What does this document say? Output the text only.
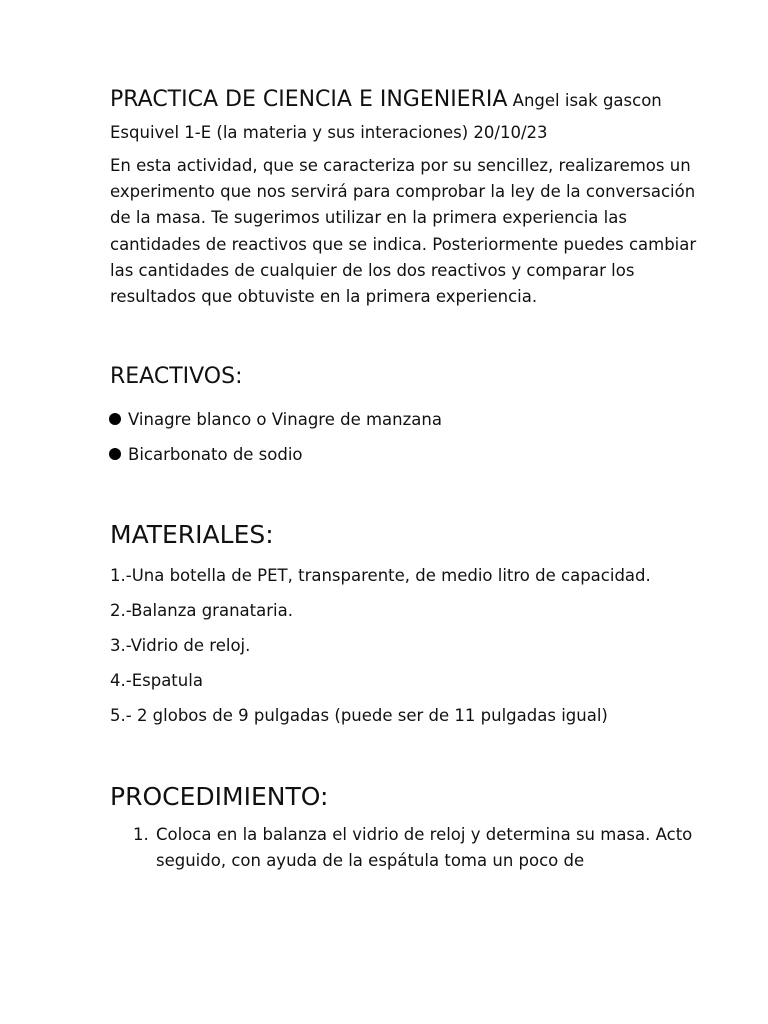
PRACTICA DE CIENCIA E INGENIERIA Angel isak gascon Esquivel 1-E (la materia y sus interaciones) 20/10/23

En esta actividad, que se caracteriza por su sencillez, realizaremos un experimento que nos servirá para comprobar la ley de la conversación de la masa. Te sugerimos utilizar en la primera experiencia las cantidades de reactivos que se indica. Posteriormente puedes cambiar las cantidades de cualquier de los dos reactivos y comparar los resultados que obtuviste en la primera experiencia.

REACTIVOS:
Vinagre blanco o Vinagre de manzana
Bicarbonato de sodio
MATERIALES:
1.-Una botella de PET, transparente, de medio litro de capacidad.
2.-Balanza granataria.
3.-Vidrio de reloj.
4.-Espatula
5.- 2 globos de 9 pulgadas (puede ser de 11 pulgadas igual)
PROCEDIMIENTO:
1. Coloca en la balanza el vidrio de reloj y determina su masa. Acto seguido, con ayuda de la espátula toma un poco de
